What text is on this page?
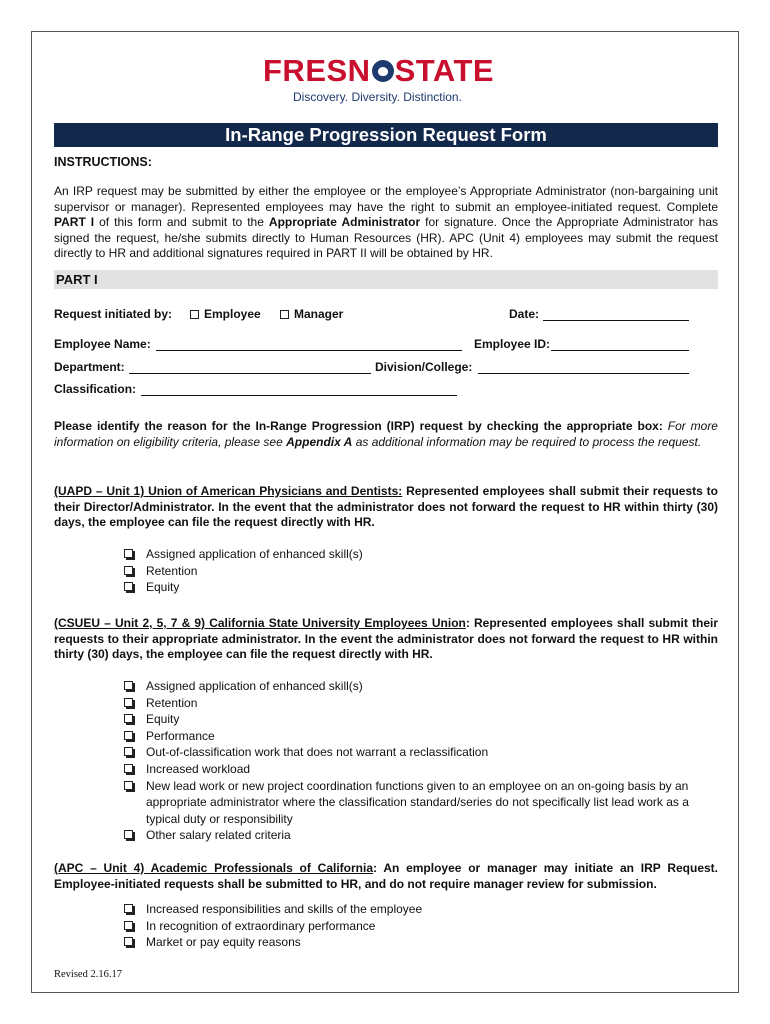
FRESN STATE
Discovery. Diversity. Distinction.
In-Range Progression Request Form
INSTRUCTIONS:
An IRP request may be submitted by either the employee or the employee’s Appropriate Administrator (non-bargaining unit supervisor or manager). Represented employees may have the right to submit an employee-initiated request. Complete PART I of this form and submit to the Appropriate Administrator for signature. Once the Appropriate Administrator has signed the request, he/she submits directly to Human Resources (HR). APC (Unit 4) employees may submit the request directly to HR and additional signatures required in PART II will be obtained by HR.
PART I
Request initiated by:	Employee	Manager	Date:
Employee Name:	Employee ID:
Department:	Division/College:
Classification:
Please identify the reason for the In-Range Progression (IRP) request by checking the appropriate box: For more information on eligibility criteria, please see Appendix A as additional information may be required to process the request.
(UAPD – Unit 1) Union of American Physicians and Dentists: Represented employees shall submit their requests to their Director/Administrator. In the event that the administrator does not forward the request to HR within thirty (30) days, the employee can file the request directly with HR.
Assigned application of enhanced skill(s)
Retention
Equity
(CSUEU – Unit 2, 5, 7 & 9) California State University Employees Union: Represented employees shall submit their requests to their appropriate administrator. In the event the administrator does not forward the request to HR within thirty (30) days, the employee can file the request directly with HR.
Assigned application of enhanced skill(s)
Retention
Equity
Performance
Out-of-classification work that does not warrant a reclassification
Increased workload
New lead work or new project coordination functions given to an employee on an on-going basis by an appropriate administrator where the classification standard/series do not specifically list lead work as a typical duty or responsibility
Other salary related criteria
(APC – Unit 4) Academic Professionals of California: An employee or manager may initiate an IRP Request. Employee-initiated requests shall be submitted to HR, and do not require manager review for submission.
Increased responsibilities and skills of the employee
In recognition of extraordinary performance
Market or pay equity reasons
Revised 2.16.17
